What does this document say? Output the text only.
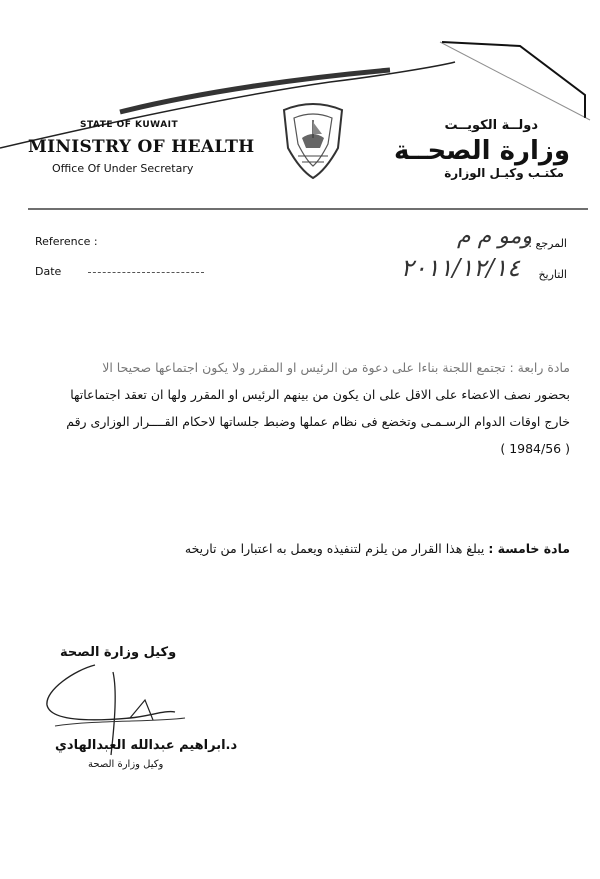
STATE OF KUWAIT
MINISTRY OF HEALTH
Office Of Under Secretary
دولــة الكويــت
وزارة الصحــة
مكتـب وكيـل الوزارة
Reference :
Date
المرجع :-
التاريخ
ومو م م
٢٠١١/١٢/١٤
مادة رابعة : تجتمع اللجنة بناءا على دعوة من الرئيس او المقرر ولا يكون اجتماعها صحيحا الا
بحضور نصف الاعضاء على الاقل على ان يكون من بينهم الرئيس او المقرر ولها ان تعقد اجتماعاتها
خارج اوقات الدوام الرسـمـى وتخضع فى نظام عملها وضبط جلساتها لاحكام القــــرار الوزارى رقم
( 1984/56 )
مادة خامسة : يبلغ هذا القرار من يلزم لتنفيذه ويعمل به اعتبارا من تاريخه
وكيل وزارة الصحة
د.ابراهيم عبدالله العبدالهادي
وكيل وزارة الصحة
